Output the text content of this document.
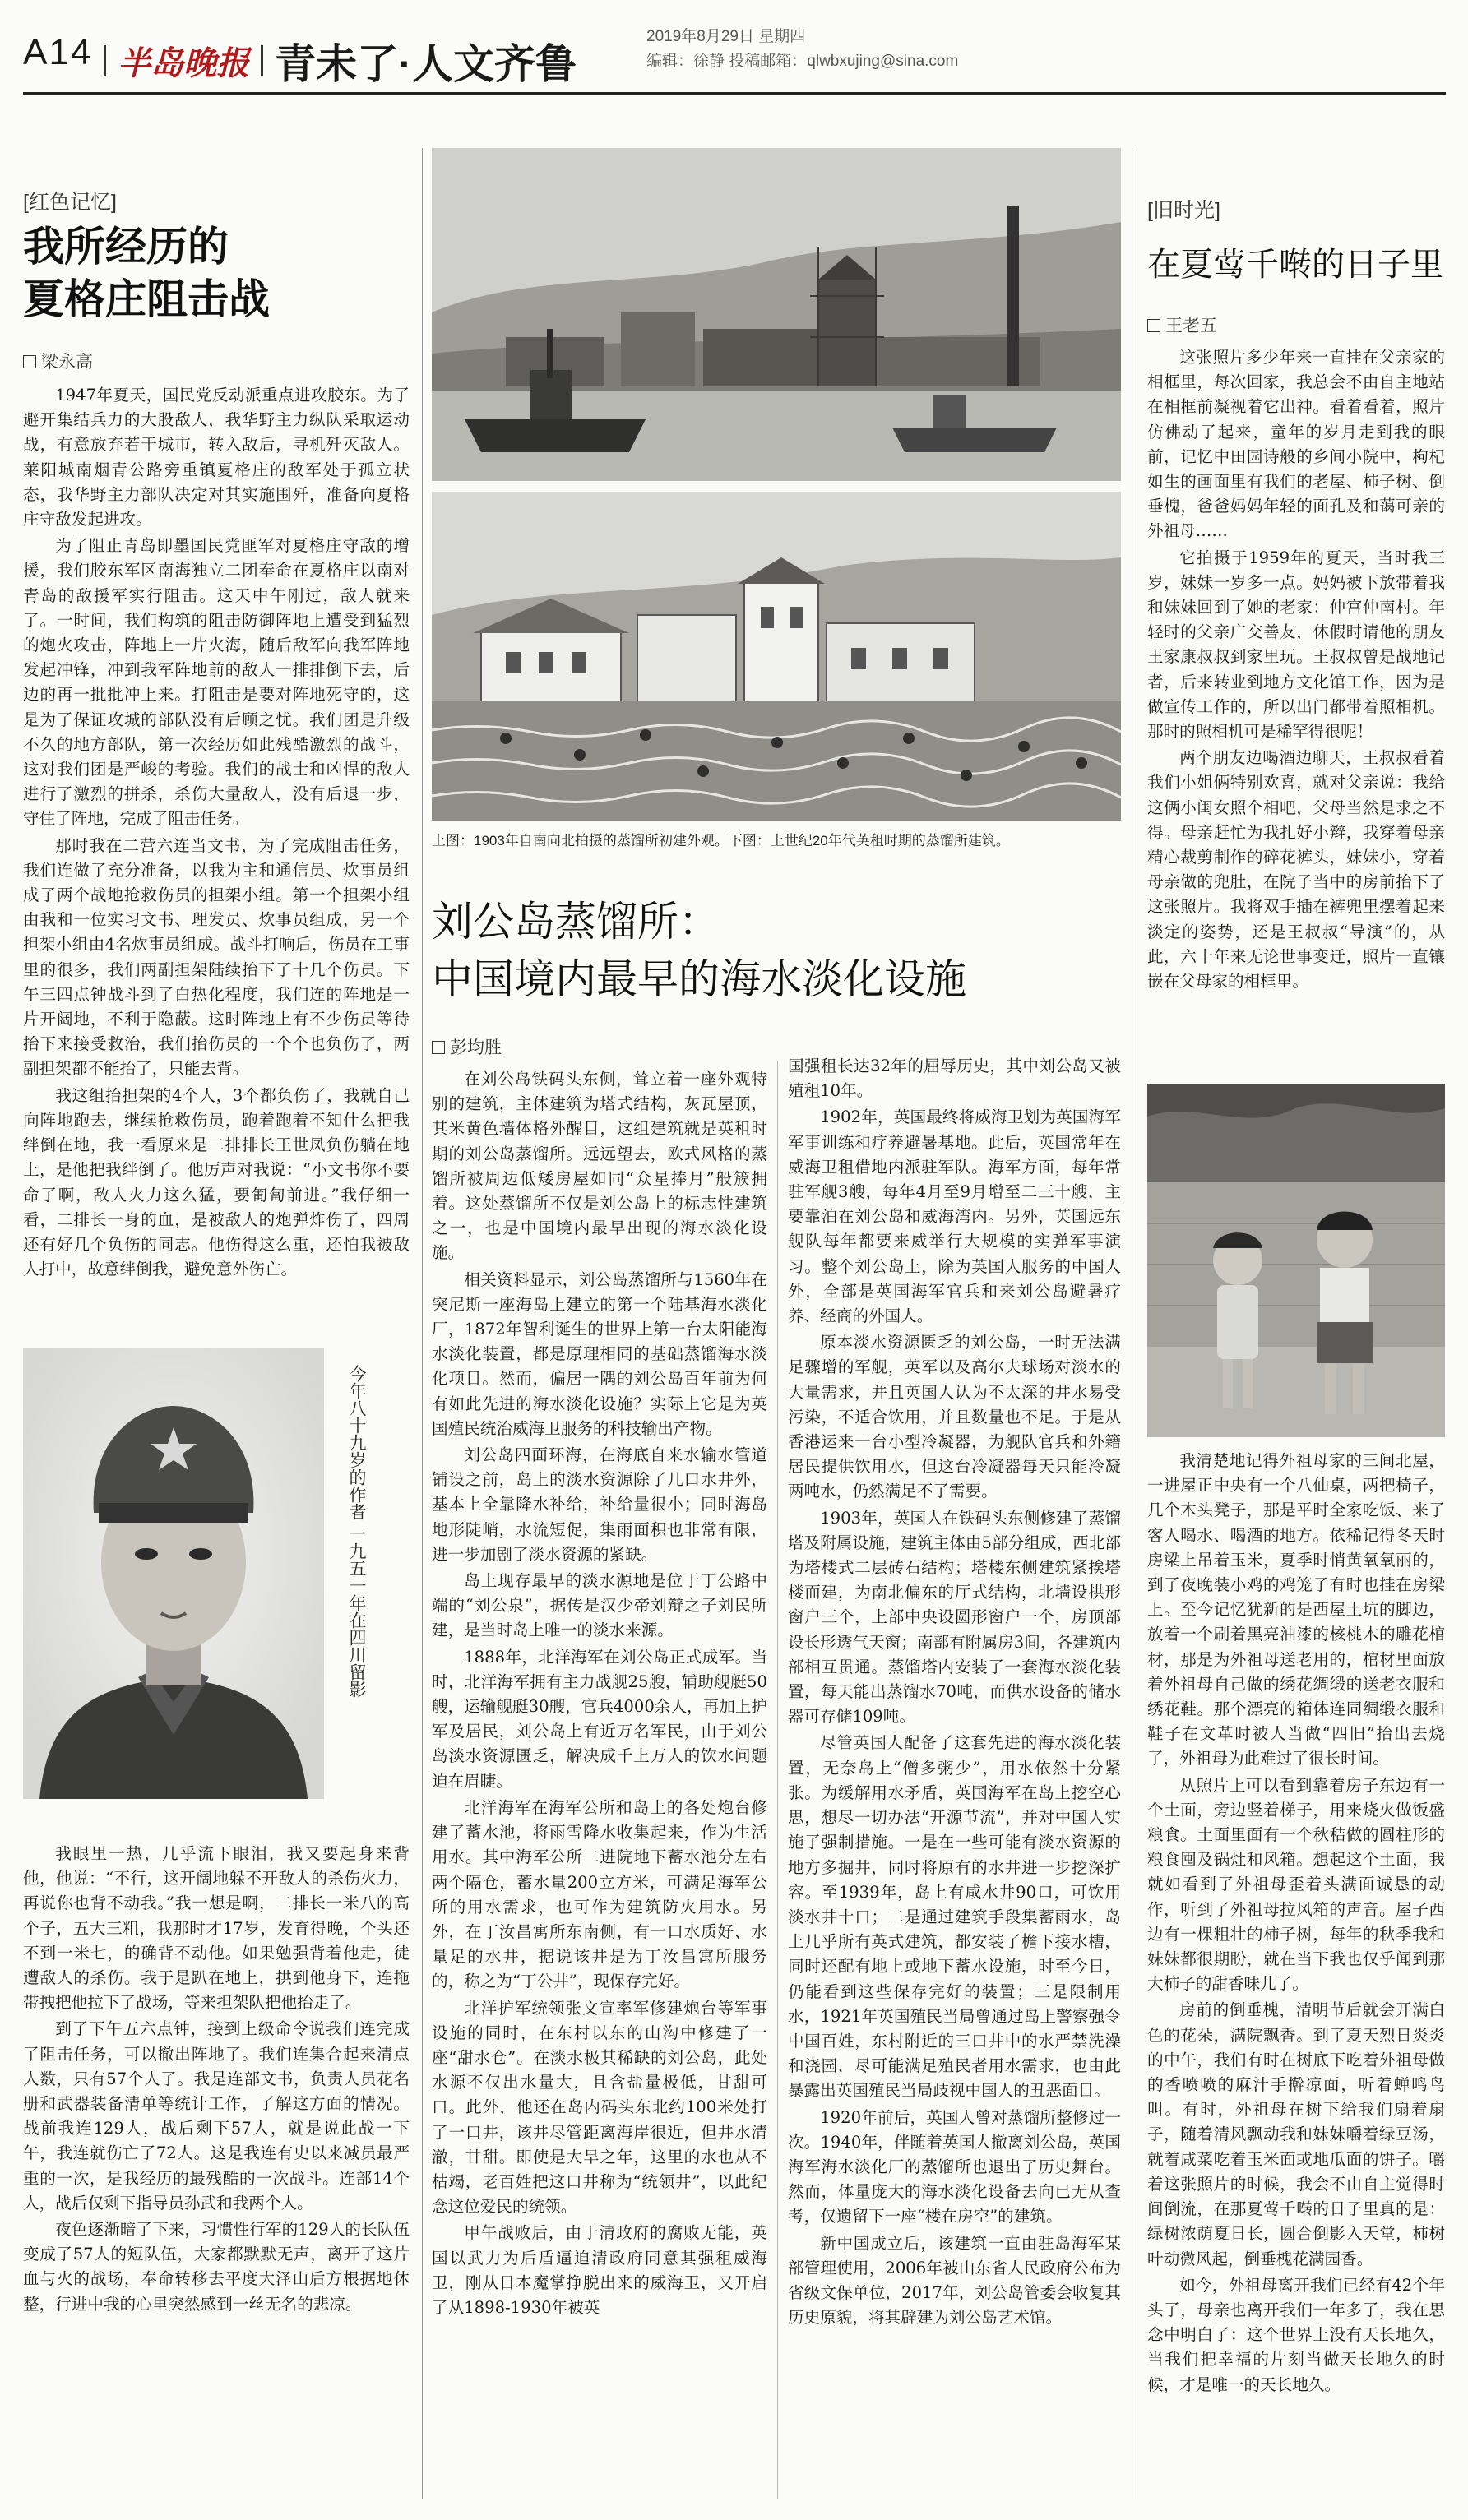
A14 半岛晚报 青未了·人文齐鲁
2019年8月29日 星期四
编辑：徐静 投稿邮箱：qlwbxujing@sina.com
[红色记忆]
我所经历的
夏格庄阻击战
梁永高

1947年夏天，国民党反动派重点进攻胶东。为了避开集结兵力的大股敌人，我华野主力纵队采取运动战，有意放弃若干城市，转入敌后，寻机歼灭敌人。莱阳城南烟青公路旁重镇夏格庄的敌军处于孤立状态，我华野主力部队决定对其实施围歼，准备向夏格庄守敌发起进攻。

为了阻止青岛即墨国民党匪军对夏格庄守敌的增援，我们胶东军区南海独立二团奉命在夏格庄以南对青岛的敌援军实行阻击。这天中午刚过，敌人就来了。一时间，我们构筑的阻击防御阵地上遭受到猛烈的炮火攻击，阵地上一片火海，随后敌军向我军阵地发起冲锋，冲到我军阵地前的敌人一排排倒下去，后边的再一批批冲上来。打阻击是要对阵地死守的，这是为了保证攻城的部队没有后顾之忧。我们团是升级不久的地方部队，第一次经历如此残酷激烈的战斗，这对我们团是严峻的考验。我们的战士和凶悍的敌人进行了激烈的拼杀，杀伤大量敌人，没有后退一步，守住了阵地，完成了阻击任务。

那时我在二营六连当文书，为了完成阻击任务，我们连做了充分准备，以我为主和通信员、炊事员组成了两个战地抢救伤员的担架小组。第一个担架小组由我和一位实习文书、理发员、炊事员组成，另一个担架小组由4名炊事员组成。战斗打响后，伤员在工事里的很多，我们两副担架陆续抬下了十几个伤员。下午三四点钟战斗到了白热化程度，我们连的阵地是一片开阔地，不利于隐蔽。这时阵地上有不少伤员等待抬下来接受救治，我们抬伤员的一个个也负伤了，两副担架都不能抬了，只能去背。

我这组抬担架的4个人，3个都负伤了，我就自己向阵地跑去，继续抢救伤员，跑着跑着不知什么把我绊倒在地，我一看原来是二排排长王世凤负伤躺在地上，是他把我绊倒了。他厉声对我说：“小文书你不要命了啊，敌人火力这么猛，要匍匐前进。”我仔细一看，二排长一身的血，是被敌人的炮弹炸伤了，四周还有好几个负伤的同志。他伤得这么重，还怕我被敌人打中，故意绊倒我，避免意外伤亡。

今年八十九岁的作者 一九五一年在四川留影

我眼里一热，几乎流下眼泪，我又要起身来背他，他说：“不行，这开阔地躲不开敌人的杀伤火力，再说你也背不动我。”我一想是啊，二排长一米八的高个子，五大三粗，我那时才17岁，发育得晚，个头还不到一米七，的确背不动他。如果勉强背着他走，徒遭敌人的杀伤。我于是趴在地上，拱到他身下，连拖带拽把他拉下了战场，等来担架队把他抬走了。

到了下午五六点钟，接到上级命令说我们连完成了阻击任务，可以撤出阵地了。我们连集合起来清点人数，只有57个人了。我是连部文书，负责人员花名册和武器装备清单等统计工作，了解这方面的情况。战前我连129人，战后剩下57人，就是说此战一下午，我连就伤亡了72人。这是我连有史以来减员最严重的一次，是我经历的最残酷的一次战斗。连部14个人，战后仅剩下指导员孙武和我两个人。

夜色逐渐暗了下来，习惯性行军的129人的长队伍变成了57人的短队伍，大家都默默无声，离开了这片血与火的战场，奉命转移去平度大泽山后方根据地休整，行进中我的心里突然感到一丝无名的悲凉。

上图：1903年自南向北拍摄的蒸馏所初建外观。下图：上世纪20年代英租时期的蒸馏所建筑。
刘公岛蒸馏所：
中国境内最早的海水淡化设施
彭均胜

在刘公岛铁码头东侧，耸立着一座外观特别的建筑，主体建筑为塔式结构，灰瓦屋顶，其米黄色墙体格外醒目，这组建筑就是英租时期的刘公岛蒸馏所。远远望去，欧式风格的蒸馏所被周边低矮房屋如同“众星捧月”般簇拥着。这处蒸馏所不仅是刘公岛上的标志性建筑之一，也是中国境内最早出现的海水淡化设施。

相关资料显示，刘公岛蒸馏所与1560年在突尼斯一座海岛上建立的第一个陆基海水淡化厂，1872年智利诞生的世界上第一台太阳能海水淡化装置，都是原理相同的基础蒸馏海水淡化项目。然而，偏居一隅的刘公岛百年前为何有如此先进的海水淡化设施？实际上它是为英国殖民统治威海卫服务的科技输出产物。

刘公岛四面环海，在海底自来水输水管道铺设之前，岛上的淡水资源除了几口水井外，基本上全靠降水补给，补给量很小；同时海岛地形陡峭，水流短促，集雨面积也非常有限，进一步加剧了淡水资源的紧缺。

岛上现存最早的淡水源地是位于丁公路中端的“刘公泉”，据传是汉少帝刘辩之子刘民所建，是当时岛上唯一的淡水来源。

1888年，北洋海军在刘公岛正式成军。当时，北洋海军拥有主力战舰25艘，辅助舰艇50艘，运输舰艇30艘，官兵4000余人，再加上护军及居民，刘公岛上有近万名军民，由于刘公岛淡水资源匮乏，解决成千上万人的饮水问题迫在眉睫。

北洋海军在海军公所和岛上的各处炮台修建了蓄水池，将雨雪降水收集起来，作为生活用水。其中海军公所二进院地下蓄水池分左右两个隔仓，蓄水量200立方米，可满足海军公所的用水需求，也可作为建筑防火用水。另外，在丁汝昌寓所东南侧，有一口水质好、水量足的水井，据说该井是为丁汝昌寓所服务的，称之为“丁公井”，现保存完好。

北洋护军统领张文宣率军修建炮台等军事设施的同时，在东村以东的山沟中修建了一座“甜水仓”。在淡水极其稀缺的刘公岛，此处水源不仅出水量大，且含盐量极低，甘甜可口。此外，他还在岛内码头东北约100米处打了一口井，该井尽管距离海岸很近，但井水清澈，甘甜。即使是大旱之年，这里的水也从不枯竭，老百姓把这口井称为“统领井”，以此纪念这位爱民的统领。

甲午战败后，由于清政府的腐败无能，英国以武力为后盾逼迫清政府同意其强租威海卫，刚从日本魔掌挣脱出来的威海卫，又开启了从1898-1930年被英

国强租长达32年的屈辱历史，其中刘公岛又被殖租10年。

1902年，英国最终将威海卫划为英国海军军事训练和疗养避暑基地。此后，英国常年在威海卫租借地内派驻军队。海军方面，每年常驻军舰3艘，每年4月至9月增至二三十艘，主要靠泊在刘公岛和威海湾内。另外，英国远东舰队每年都要来威举行大规模的实弹军事演习。整个刘公岛上，除为英国人服务的中国人外，全部是英国海军官兵和来刘公岛避暑疗养、经商的外国人。

原本淡水资源匮乏的刘公岛，一时无法满足骤增的军舰，英军以及高尔夫球场对淡水的大量需求，并且英国人认为不太深的井水易受污染，不适合饮用，并且数量也不足。于是从香港运来一台小型冷凝器，为舰队官兵和外籍居民提供饮用水，但这台冷凝器每天只能冷凝两吨水，仍然满足不了需要。

1903年，英国人在铁码头东侧修建了蒸馏塔及附属设施，建筑主体由5部分组成，西北部为塔楼式二层砖石结构；塔楼东侧建筑紧挨塔楼而建，为南北偏东的厅式结构，北墙设拱形窗户三个，上部中央设圆形窗户一个，房顶部设长形透气天窗；南部有附属房3间，各建筑内部相互贯通。蒸馏塔内安装了一套海水淡化装置，每天能出蒸馏水70吨，而供水设备的储水器可存储109吨。

尽管英国人配备了这套先进的海水淡化装置，无奈岛上“僧多粥少”，用水依然十分紧张。为缓解用水矛盾，英国海军在岛上挖空心思，想尽一切办法“开源节流”，并对中国人实施了强制措施。一是在一些可能有淡水资源的地方多掘井，同时将原有的水井进一步挖深扩容。至1939年，岛上有咸水井90口，可饮用淡水井十口；二是通过建筑手段集蓄雨水，岛上几乎所有英式建筑，都安装了檐下接水槽，同时还配有地上或地下蓄水设施，时至今日，仍能看到这些保存完好的装置；三是限制用水，1921年英国殖民当局曾通过岛上警察强令中国百姓，东村附近的三口井中的水严禁洗澡和浇园，尽可能满足殖民者用水需求，也由此暴露出英国殖民当局歧视中国人的丑恶面目。

1920年前后，英国人曾对蒸馏所整修过一次。1940年，伴随着英国人撤离刘公岛，英国海军海水淡化厂的蒸馏所也退出了历史舞台。然而，体量庞大的海水淡化设备去向已无从查考，仅遗留下一座“楼在房空”的建筑。

新中国成立后，该建筑一直由驻岛海军某部管理使用，2006年被山东省人民政府公布为省级文保单位，2017年，刘公岛管委会收复其历史原貌，将其辟建为刘公岛艺术馆。

[旧时光]
在夏莺千啭的日子里
王老五

这张照片多少年来一直挂在父亲家的相框里，每次回家，我总会不由自主地站在相框前凝视着它出神。看着看着，照片仿佛动了起来，童年的岁月走到我的眼前，记忆中田园诗般的乡间小院中，枸杞如生的画面里有我们的老屋、柿子树、倒垂槐，爸爸妈妈年轻的面孔及和蔼可亲的外祖母……

它拍摄于1959年的夏天，当时我三岁，妹妹一岁多一点。妈妈被下放带着我和妹妹回到了她的老家：仲宫仲南村。年轻时的父亲广交善友，休假时请他的朋友王家康叔叔到家里玩。王叔叔曾是战地记者，后来转业到地方文化馆工作，因为是做宣传工作的，所以出门都带着照相机。那时的照相机可是稀罕得很呢！

两个朋友边喝酒边聊天，王叔叔看着我们小姐俩特别欢喜，就对父亲说：我给这俩小闺女照个相吧，父母当然是求之不得。母亲赶忙为我扎好小辫，我穿着母亲精心裁剪制作的碎花裤头，妹妹小，穿着母亲做的兜肚，在院子当中的房前抬下了这张照片。我将双手插在裤兜里摆着起来淡定的姿势，还是王叔叔“导演”的，从此，六十年来无论世事变迁，照片一直镶嵌在父母家的相框里。

我清楚地记得外祖母家的三间北屋，一进屋正中央有一个八仙桌，两把椅子，几个木头凳子，那是平时全家吃饭、来了客人喝水、喝酒的地方。依稀记得冬天时房梁上吊着玉米，夏季时悄黄氧氧丽的，到了夜晚装小鸡的鸡笼子有时也挂在房梁上。至今记忆犹新的是西屋土坑的脚边，放着一个刷着黑亮油漆的核桃木的雕花棺材，那是为外祖母送老用的，棺材里面放着外祖母自己做的绣花绸缎的送老衣服和绣花鞋。那个漂亮的箱体连同绸缎衣服和鞋子在文革时被人当做“四旧”抬出去烧了，外祖母为此难过了很长时间。

从照片上可以看到靠着房子东边有一个土面，旁边竖着梯子，用来烧火做饭盛粮食。土面里面有一个秋秸做的圆柱形的粮食囤及锅灶和风箱。想起这个土面，我就如看到了外祖母歪着头满面诚恳的动作，听到了外祖母拉风箱的声音。屋子西边有一棵粗壮的柿子树，每年的秋季我和妹妹都很期盼，就在当下我也仅乎闻到那大柿子的甜香味儿了。

房前的倒垂槐，清明节后就会开满白色的花朵，满院飘香。到了夏天烈日炎炎的中午，我们有时在树底下吃着外祖母做的香喷喷的麻汁手擀凉面，听着蝉鸣鸟叫。有时，外祖母在树下给我们扇着扇子，随着清风飘动我和妹妹嚼着绿豆汤，就着咸菜吃着玉米面或地瓜面的饼子。嚼着这张照片的时候，我会不由自主觉得时间倒流，在那夏莺千啭的日子里真的是：绿树浓荫夏日长，圆合倒影入天堂，柿树叶动微风起，倒垂槐花满园香。

如今，外祖母离开我们已经有42个年头了，母亲也离开我们一年多了，我在思念中明白了：这个世界上没有天长地久，当我们把幸福的片刻当做天长地久的时候，才是唯一的天长地久。
